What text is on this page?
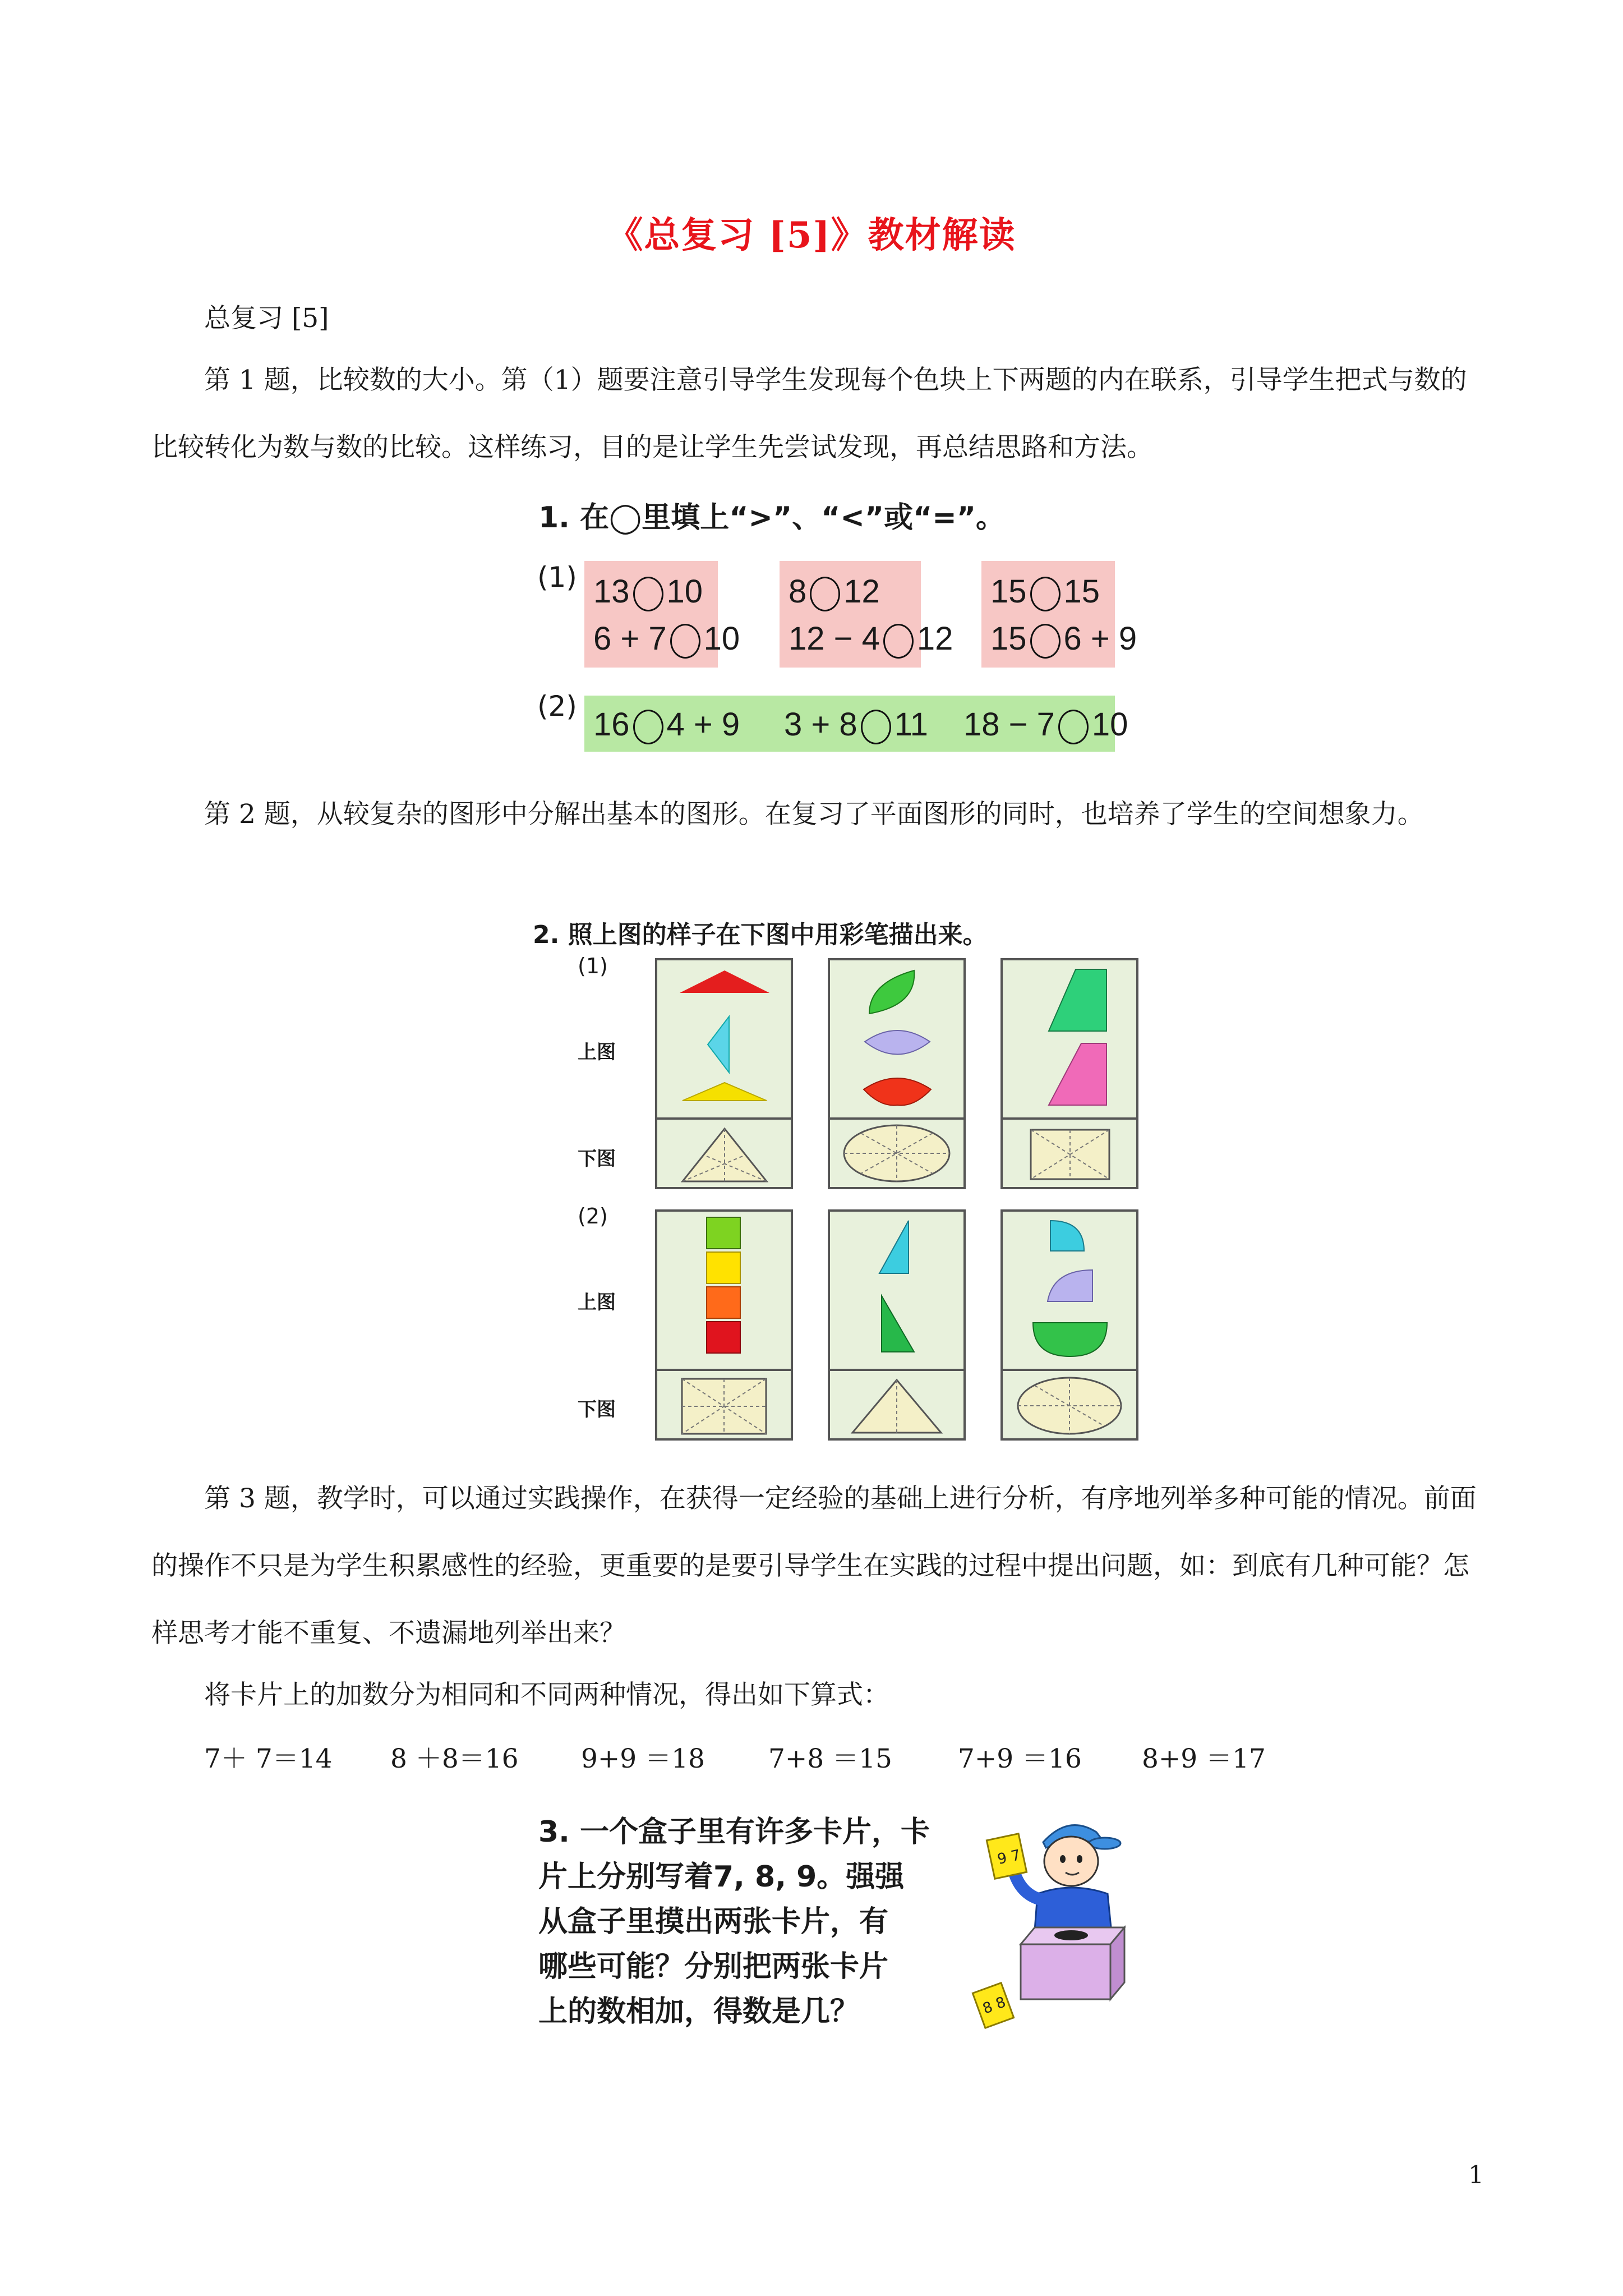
《总复习 [5]》教材解读
总复习 [5]

第 1 题，比较数的大小。第（1）题要注意引导学生发现每个色块上下两题的内在联系，引导学生把式与数的比较转化为数与数的比较。这样练习，目的是让学生先尝试发现，再总结思路和方法。

1. 在◯里填上“>”、“<”或“=”。
(1)
(2)
13 10
6 + 7 10
8 12
12 − 4 12
15 15
15 6 + 9
16 4 + 9 3 + 8 11 18 − 7 10

第 2 题，从较复杂的图形中分解出基本的图形。在复习了平面图形的同时，也培养了学生的空间想象力。

2. 照上图的样子在下图中用彩笔描出来。
(1)
上图
下图
(2)
上图
下图

第 3 题，教学时，可以通过实践操作，在获得一定经验的基础上进行分析，有序地列举多种可能的情况。前面的操作不只是为学生积累感性的经验，更重要的是要引导学生在实践的过程中提出问题，如：到底有几种可能？怎样思考才能不重复、不遗漏地列举出来？

将卡片上的加数分为相同和不同两种情况，得出如下算式：

7＋ 7＝14 8 ＋8＝16 9+9 ＝18 7+8 ＝15 7+9 ＝16 8+9 ＝17
3. 一个盒子里有许多卡片，卡
片上分别写着7, 8, 9。强强
从盒子里摸出两张卡片，有
哪些可能？分别把两张卡片
上的数相加，得数是几？
9 7
8 8
1
